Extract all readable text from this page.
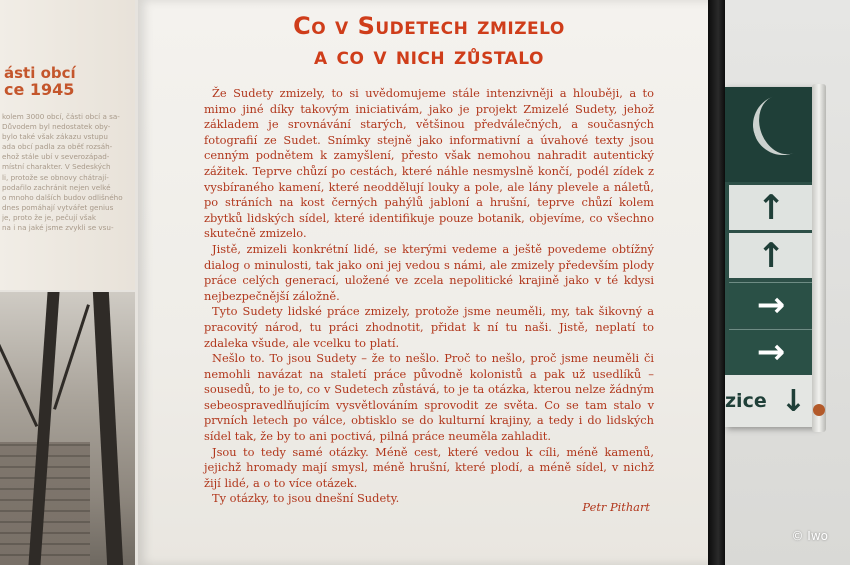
ásti obcí
ce 1945
kolem 3000 obcí, části obcí a sa-
Důvodem byl nedostatek oby-
bylo také však zákazu vstupu
ada obcí padla za oběť rozsáh-
ehož stále ubí v severozápad-
místní charakter. V Sedeských
li, protože se obnovy chátrají-
podařilo zachránit nejen velké
o mnoho dalších budov odlišného
dnes pomáhají vytvářet genius
je, proto že je, pečují však
na i na jaké jsme zvykli se vsu-
Co v Sudetech zmizelo
a co v nich zůstalo

Že Sudety zmizely, to si uvědomujeme stále intenzivněji a hlouběji, a to mimo jiné díky takovým iniciativám, jako je projekt Zmizelé Sudety, jehož základem je srovnávání starých, většinou předválečných, a současných fotografií ze Sudet. Snímky stejně jako informativní a úvahové texty jsou cenným podnětem k zamyšlení, přesto však nemohou nahradit autentický zážitek. Teprve chůzí po cestách, které náhle nesmyslně končí, podél zídek z vysbíraného kamení, které neoddělují louky a pole, ale lány plevele a náletů, po stráních na kost černých pahýlů jabloní a hrušní, teprve chůzí kolem zbytků lidských sídel, které identifikuje pouze botanik, objevíme, co všechno skutečně zmizelo.

Jistě, zmizeli konkrétní lidé, se kterými vedeme a ještě povedeme obtížný dialog o minulosti, tak jako oni jej vedou s námi, ale zmizely především plody práce celých generací, uložené ve zcela nepolitické krajině jako v té kdysi nejbezpečnější záložně.

Tyto Sudety lidské práce zmizely, protože jsme neuměli, my, tak šikovný a pracovitý národ, tu práci zhodnotit, přidat k ní tu naši. Jistě, neplatí to zdaleka všude, ale vcelku to platí.

Nešlo to. To jsou Sudety – že to nešlo. Proč to nešlo, proč jsme neuměli či nemohli navázat na staletí práce původně kolonistů a pak už usedlíků – sousedů, to je to, co v Sudetech zůstává, to je ta otázka, kterou nelze žádným sebeospravedlňujícím vysvětlováním sprovodit ze světa. Co se tam stalo v prvních letech po válce, obtisklo se do kulturní krajiny, a tedy i do lidských sídel tak, že by to ani poctivá, pilná práce neuměla zahladit.

Jsou to tedy samé otázky. Méně cest, které vedou k cíli, méně kamenů, jejichž hromady mají smysl, méně hrušní, které plodí, a méně sídel, v nichž žijí lidé, a o to více otázek.

Ty otázky, to jsou dnešní Sudety.

Petr Pithart
↑
↑
→
→
zice ↓
© Iwo
